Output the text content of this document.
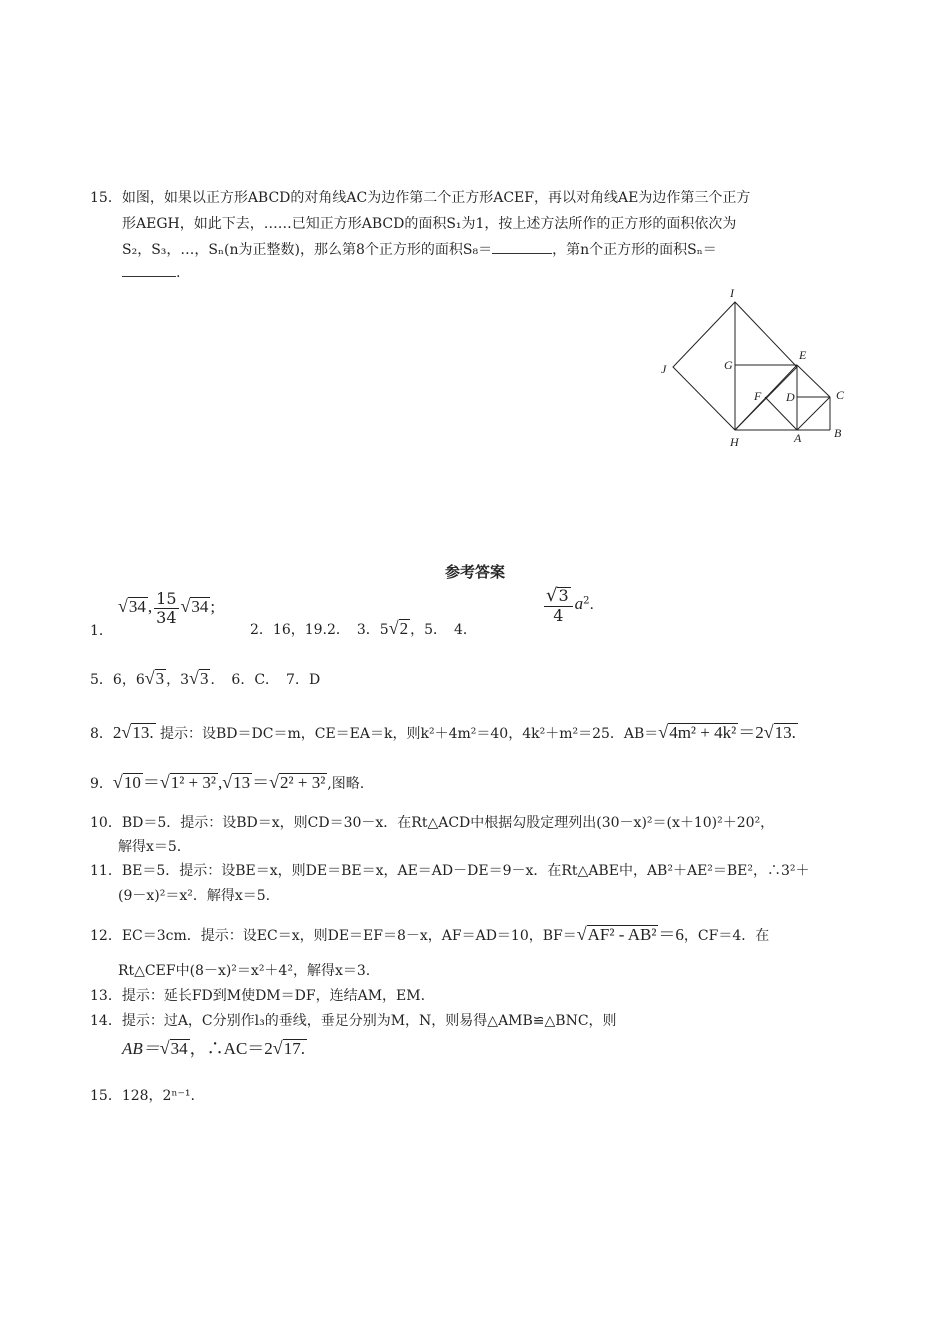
15．如图，如果以正方形ABCD的对角线AC为边作第二个正方形ACEF，再以对角线AE为边作第三个正方
形AEGH，如此下去，……已知正方形ABCD的面积S₁为1，按上述方法所作的正方形的面积依次为
S₂，S₃，…，Sₙ(n为正整数)，那么第8个正方形的面积S₈＝	，第n个正方形的面积Sₙ＝
.
I
J	G
E
F D	C
H	A	B
参考答案
√34 , $\frac{15}{34} √34$ ;
1．	2．16，19.2．　3．5√2 ，5．　4．
$\frac{√3}{4} a^2$.
5．6，6√3 ，3√3 ．　6．C．　7．D
8．2√13. 提示：设BD＝DC＝m，CE＝EA＝k，则k²＋4m²＝40，4k²＋m²＝25．AB＝√4m² + 4k² ＝2√13.
9．√10 ＝√1² + 3² ,√13 ＝√2² + 3² ,图略.
10．BD＝5．提示：设BD＝x，则CD＝30－x．在Rt△ACD中根据勾股定理列出(30－x)²＝(x＋10)²＋20²，
解得x＝5.
11．BE＝5．提示：设BE＝x，则DE＝BE＝x，AE＝AD－DE＝9－x．在Rt△ABE中，AB²＋AE²＝BE²，∴3²＋
(9－x)²＝x²．解得x＝5.
12．EC＝3cm．提示：设EC＝x，则DE＝EF＝8－x，AF＝AD＝10，BF＝√AF² - AB² ＝6，CF＝4．在
Rt△CEF中(8－x)²＝x²＋4²，解得x＝3.
13．提示：延长FD到M使DM＝DF，连结AM，EM.
14．提示：过A，C分别作l₃的垂线，垂足分别为M，N，则易得△AMB≌△BNC，则
AB＝√34 ，∴AC＝2√17.
15．128，2ⁿ⁻¹.
